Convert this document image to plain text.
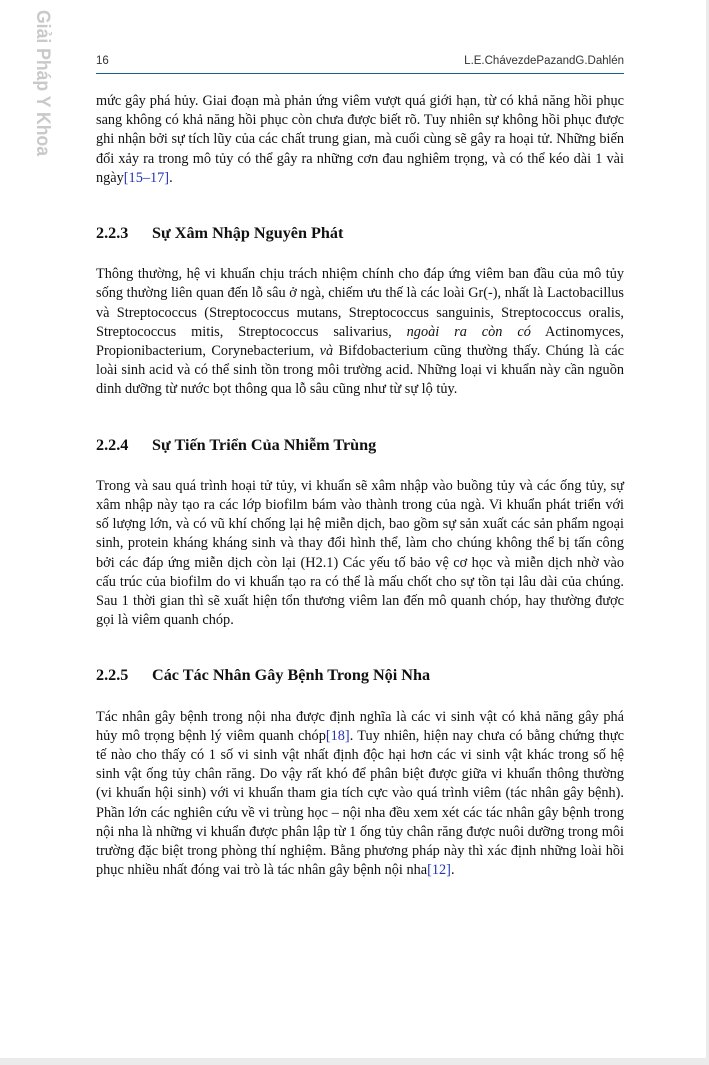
Giải Pháp Y Khoa	16	L.E.ChávezdePazandG.Dahlén

mức gây phá hủy. Giai đoạn mà phản ứng viêm vượt quá giới hạn, từ có khả năng hồi phục sang không có khả năng hồi phục còn chưa được biết rõ. Tuy nhiên sự không hồi phục được ghi nhận bởi sự tích lũy của các chất trung gian, mà cuối cùng sẽ gây ra hoại tử. Những biến đổi xảy ra trong mô tủy có thể gây ra những cơn đau nghiêm trọng, và có thể kéo dài 1 vài ngày[15–17].

2.2.3 Sự Xâm Nhập Nguyên Phát

Thông thường, hệ vi khuẩn chịu trách nhiệm chính cho đáp ứng viêm ban đầu của mô tủy sống thường liên quan đến lỗ sâu ở ngà, chiếm ưu thế là các loài Gr(-), nhất là Lactobacillus và Streptococcus (Streptococcus mutans, Streptococcus sanguinis, Streptococcus oralis, Streptococcus mitis, Streptococcus salivarius, ngoài ra còn có Actinomyces, Propionibacterium, Corynebacterium, và Bifdobacterium cũng thường thấy. Chúng là các loài sinh acid và có thể sinh tồn trong môi trường acid. Những loại vi khuẩn này cần nguồn dinh dưỡng từ nước bọt thông qua lỗ sâu cũng như từ sự lộ tủy.

2.2.4 Sự Tiến Triển Của Nhiễm Trùng

Trong và sau quá trình hoại tử tủy, vi khuẩn sẽ xâm nhập vào buồng tủy và các ống tủy, sự xâm nhập này tạo ra các lớp biofilm bám vào thành trong của ngà. Vi khuẩn phát triển với số lượng lớn, và có vũ khí chống lại hệ miễn dịch, bao gồm sự sản xuất các sản phẩm ngoại sinh, protein kháng kháng sinh và thay đổi hình thể, làm cho chúng không thể bị tấn công bởi các đáp ứng miễn dịch còn lại (H2.1) Các yếu tố bảo vệ cơ học và miễn dịch nhờ vào cấu trúc của biofilm do vi khuẩn tạo ra có thể là mấu chốt cho sự tồn tại lâu dài của chúng. Sau 1 thời gian thì sẽ xuất hiện tổn thương viêm lan đến mô quanh chóp, hay thường được gọi là viêm quanh chóp.

2.2.5 Các Tác Nhân Gây Bệnh Trong Nội Nha

Tác nhân gây bệnh trong nội nha được định nghĩa là các vi sinh vật có khả năng gây phá hủy mô trọng bệnh lý viêm quanh chóp[18]. Tuy nhiên, hiện nay chưa có bằng chứng thực tế nào cho thấy có 1 số vi sinh vật nhất định độc hại hơn các vi sinh vật khác trong số hệ sinh vật ống tủy chân răng. Do vậy rất khó để phân biệt được giữa vi khuẩn thông thường (vi khuẩn hội sinh) với vi khuẩn tham gia tích cực vào quá trình viêm (tác nhân gây bệnh). Phần lớn các nghiên cứu về vi trùng học – nội nha đều xem xét các tác nhân gây bệnh trong nội nha là những vi khuẩn được phân lập từ 1 ống tủy chân răng được nuôi dưỡng trong môi trường đặc biệt trong phòng thí nghiệm. Bằng phương pháp này thì xác định những loài hồi phục nhiều nhất đóng vai trò là tác nhân gây bệnh nội nha[12].
